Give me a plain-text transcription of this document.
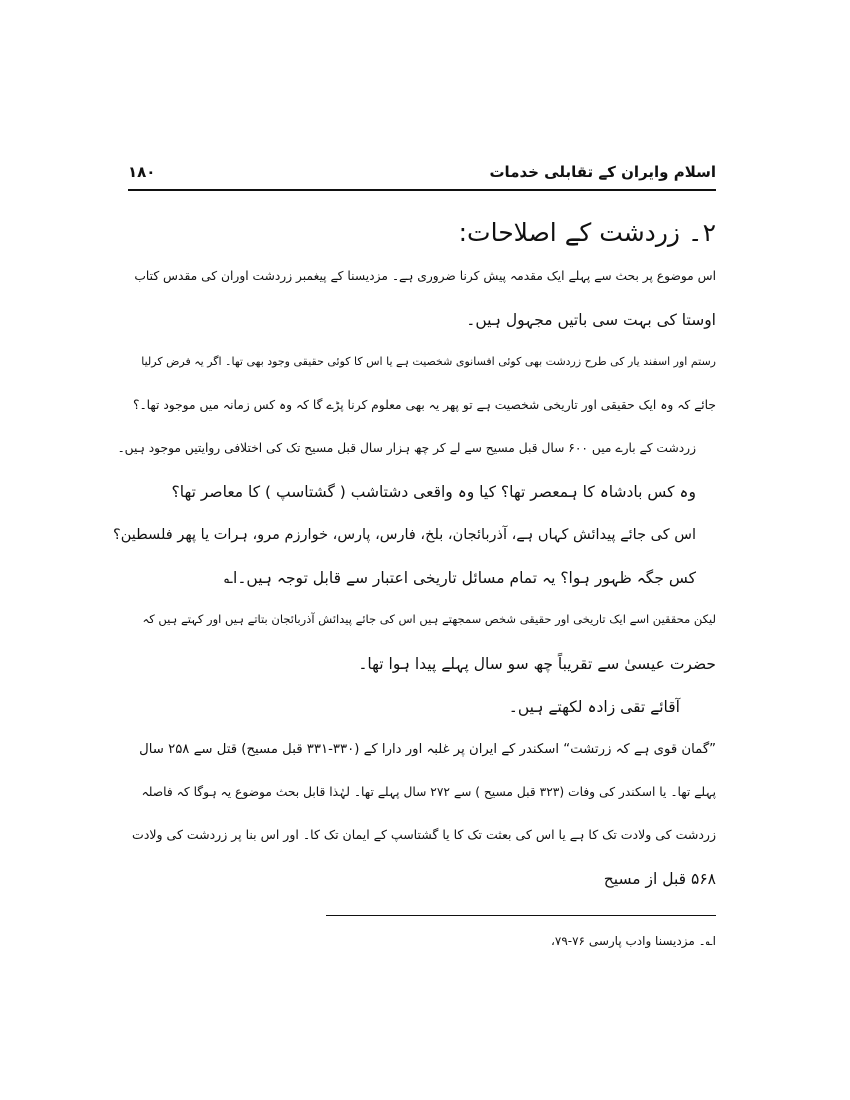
اسلام وایران کے تقابلی خدمات
۱۸۰
۲۔ زردشت کے اصلاحات:
اس موضوع پر بحث سے پہلے ایک مقدمہ پیش کرنا ضروری ہے۔ مزدیسنا کے پیغمبر زردشت اوران کی مقدس کتاب
اوستا کی بہت سی باتیں مجہول ہیں۔
رستم اور اسفند یار کی طرح زردشت بھی کوئی افسانوی شخصیت ہے یا اس کا کوئی حقیقی وجود بھی تھا۔ اگر یہ فرض کرلیا
جائے کہ وہ ایک حقیقی اور تاریخی شخصیت ہے تو پھر یہ بھی معلوم کرنا پڑے گا کہ وہ کس زمانہ میں موجود تھا۔؟
زردشت کے بارے میں ۶۰۰ سال قبل مسیح سے لے کر چھ ہزار سال قبل مسیح تک کی اختلافی روایتیں موجود ہیں۔
وہ کس بادشاہ کا ہمعصر تھا؟ کیا وہ واقعی دشتاشب ( گشتاسپ ) کا معاصر تھا؟
اس کی جائے پیدائش کہاں ہے، آذربائجان، بلخ، فارس، پارس، خوارزم مرو، ہرات یا پھر فلسطین؟
کس جگہ ظہور ہوا؟ یہ تمام مسائل تاریخی اعتبار سے قابل توجہ ہیں۔ا؎
لیکن محققین اسے ایک تاریخی اور حقیقی شخص سمجھتے ہیں اس کی جائے پیدائش آذربائجان بتاتے ہیں اور کہتے ہیں کہ
حضرت عیسیٰ سے تقریباً چھ سو سال پہلے پیدا ہوا تھا۔
آقائے تقی زادہ لکھتے ہیں۔
”گمان قوی ہے کہ زرتشت“ اسکندر کے ایران پر غلبہ اور دارا کے (۳۳۰-۳۳۱ قبل مسیح) قتل سے ۲۵۸ سال
پہلے تھا۔ یا اسکندر کی وفات (۳۲۳ قبل مسیح ) سے ۲۷۲ سال پہلے تھا۔ لہٰذا قابل بحث موضوع یہ ہوگا کہ فاصلہ
زردشت کی ولادت تک کا ہے یا اس کی بعثت تک کا یا گشتاسپ کے ایمان تک کا۔ اور اس بنا پر زردشت کی ولادت
۵۶۸ قبل از مسیح
ا؎۔ مزدیسنا وادب پارسی ۷۶-۷۹،
